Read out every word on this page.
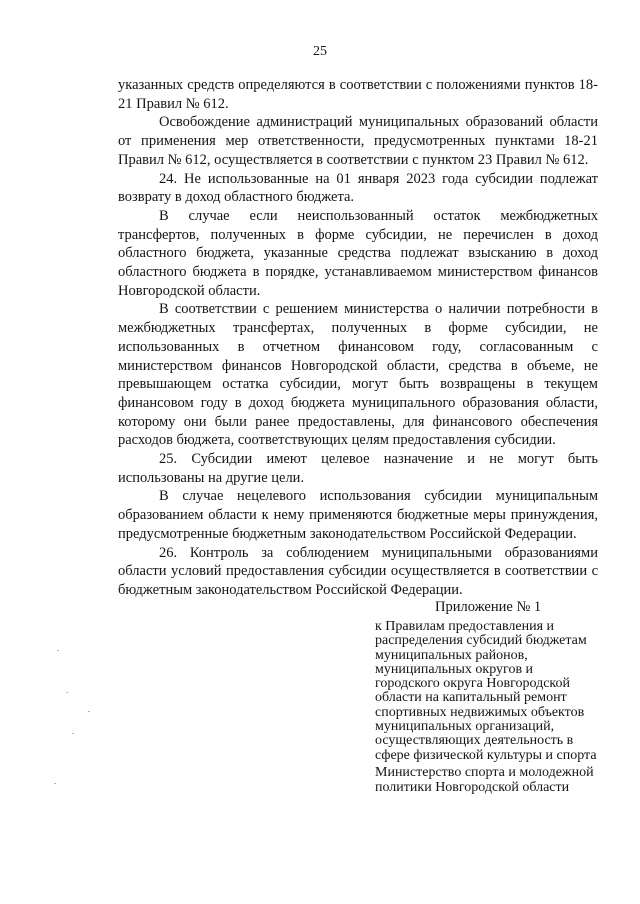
25

указанных средств определяются в соответствии с положениями пунктов 18-21 Правил № 612.

Освобождение администраций муниципальных образований области от применения мер ответственности, предусмотренных пунктами 18-21 Правил № 612, осуществляется в соответствии с пунктом 23 Правил № 612.

24. Не использованные на 01 января 2023 года субсидии подлежат возврату в доход областного бюджета.

В случае если неиспользованный остаток межбюджетных трансфертов, полученных в форме субсидии, не перечислен в доход областного бюджета, указанные средства подлежат взысканию в доход областного бюджета в порядке, устанавливаемом министерством финансов Новгородской области.

В соответствии с решением министерства о наличии потребности в межбюджетных трансфертах, полученных в форме субсидии, не использованных в отчетном финансовом году, согласованным с министерством финансов Новгородской области, средства в объеме, не превышающем остатка субсидии, могут быть возвращены в текущем финансовом году в доход бюджета муниципального образования области, которому они были ранее предоставлены, для финансового обеспечения расходов бюджета, соответствующих целям предоставления субсидии.

25. Субсидии имеют целевое назначение и не могут быть использованы на другие цели.

В случае нецелевого использования субсидии муниципальным образованием области к нему применяются бюджетные меры принуждения, предусмотренные бюджетным законодательством Российской Федерации.

26. Контроль за соблюдением муниципальными образованиями области условий предоставления субсидии осуществляется в соответствии с бюджетным законодательством Российской Федерации.

Приложение № 1

к Правилам предоставления и распределения субсидий бюджетам муниципальных районов, муниципальных округов и городского округа Новгородской области на капитальный ремонт спортивных недвижимых объектов муниципальных организаций, осуществляющих деятельность в сфере физической культуры и спорта

Министерство спорта и молодежной
политики Новгородской области
